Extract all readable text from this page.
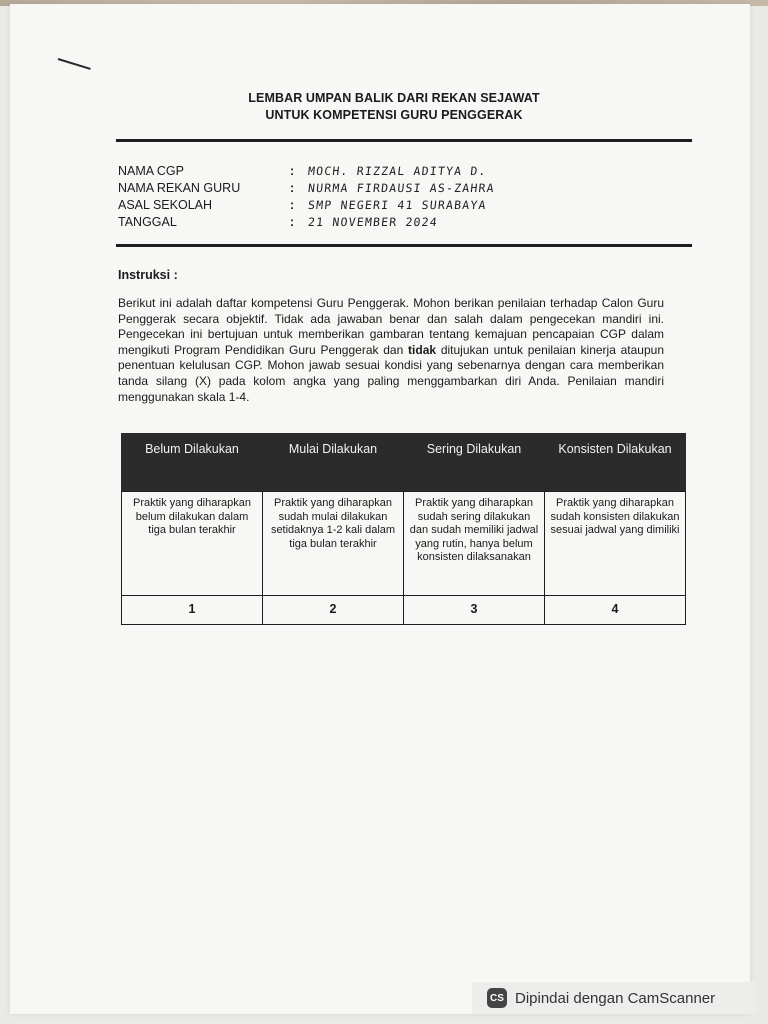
LEMBAR UMPAN BALIK DARI REKAN SEJAWAT
UNTUK KOMPETENSI GURU PENGGERAK
NAMA CGP	:	MOCH. RIZZAL ADITYA D.
NAMA REKAN GURU	:	NURMA FIRDAUSI AS-ZAHRA
ASAL SEKOLAH	:	SMP NEGERI 41 SURABAYA
TANGGAL	:	21 NOVEMBER 2024
Instruksi :
Berikut ini adalah daftar kompetensi Guru Penggerak. Mohon berikan penilaian terhadap Calon Guru Penggerak secara objektif. Tidak ada jawaban benar dan salah dalam pengecekan mandiri ini. Pengecekan ini bertujuan untuk memberikan gambaran tentang kemajuan pencapaian CGP dalam mengikuti Program Pendidikan Guru Penggerak dan tidak ditujukan untuk penilaian kinerja ataupun penentuan kelulusan CGP. Mohon jawab sesuai kondisi yang sebenarnya dengan cara memberikan tanda silang (X) pada kolom angka yang paling menggambarkan diri Anda. Penilaian mandiri menggunakan skala 1-4.
Belum Dilakukan	Mulai Dilakukan	Sering Dilakukan	Konsisten Dilakukan
Praktik yang diharapkan belum dilakukan dalam tiga bulan terakhir	Praktik yang diharapkan sudah mulai dilakukan setidaknya 1-2 kali dalam tiga bulan terakhir	Praktik yang diharapkan sudah sering dilakukan dan sudah memiliki jadwal yang rutin, hanya belum konsisten dilaksanakan	Praktik yang diharapkan sudah konsisten dilakukan sesuai jadwal yang dimiliki
1	2	3	4
CS Dipindai dengan CamScanner
